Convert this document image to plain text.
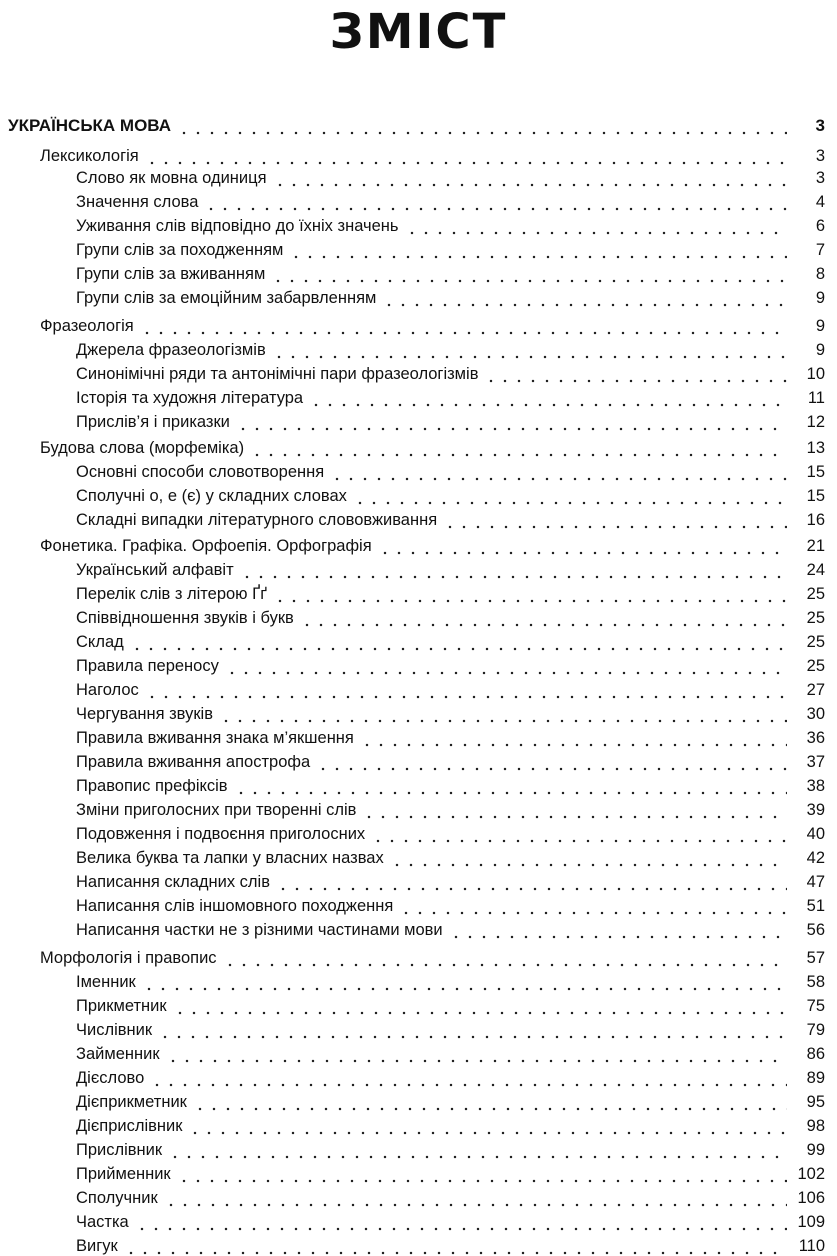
ЗМІСТ
УКРАЇНСЬКА МОВА	3
Лексикологія	3
Слово як мовна одиниця	3
Значення слова	4
Уживання слів відповідно до їхніх значень	6
Групи слів за походженням	7
Групи слів за вживанням	8
Групи слів за емоційним забарвленням	9
Фразеологія	9
Джерела фразеологізмів	9
Синонімічні ряди та антонімічні пари фразеологізмів	10
Історія та художня література	11
Прислів’я і приказки	12
Будова слова (морфеміка)	13
Основні способи словотворення	15
Сполучні о, е (є) у складних словах	15
Складні випадки літературного слововживання	16
Фонетика. Графіка. Орфоепія. Орфографія	21
Український алфавіт	24
Перелік слів з літерою Ґґ	25
Співвідношення звуків і букв	25
Склад	25
Правила переносу	25
Наголос	27
Чергування звуків	30
Правила вживання знака м’якшення	36
Правила вживання апострофа	37
Правопис префіксів	38
Зміни приголосних при творенні слів	39
Подовження і подвоєння приголосних	40
Велика буква та лапки у власних назвах	42
Написання складних слів	47
Написання слів іншомовного походження	51
Написання частки не з різними частинами мови	56
Морфологія і правопис	57
Іменник	58
Прикметник	75
Числівник	79
Займенник	86
Дієслово	89
Дієприкметник	95
Дієприслівник	98
Прислівник	99
Прийменник	102
Сполучник	106
Частка	109
Вигук	110
